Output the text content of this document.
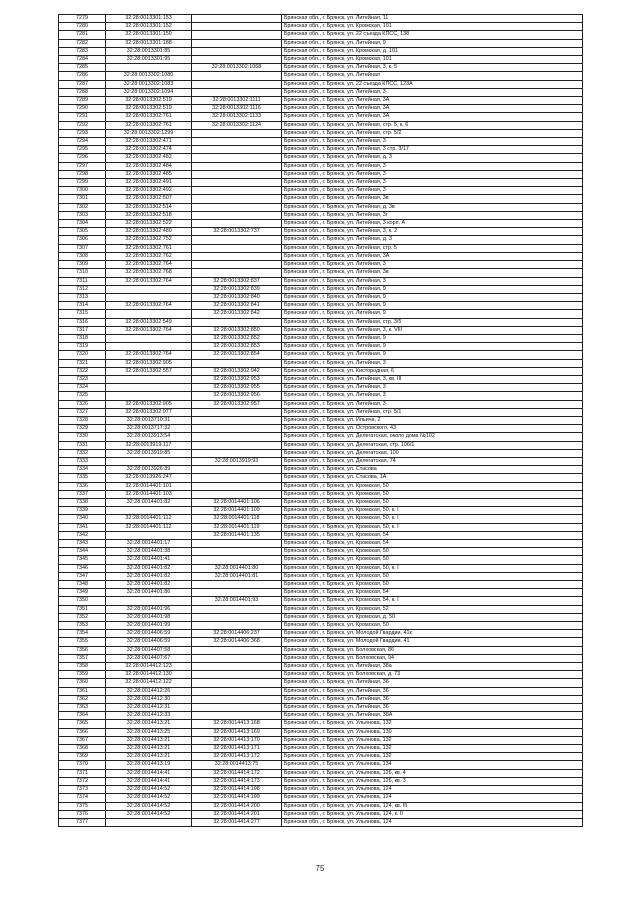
7279	32:28:0013301:153		Брянская обл., г. Брянск, ул. Литейная, 11
7280	32:28:0013301:152		Брянская обл., г. Брянск, ул. Кромская, 101
7281	32:28:0013301:150		Брянская обл., г. Брянск, ул. 22 съезда КПСС, 138
7282	32:28:0013301:188		Брянская обл., г. Брянск, ул. Литейная, 9
7283	32:28:0013301:85		Брянская обл., г. Брянск, ул. Кромская, д. 101
7284	32:28:0013301:95		Брянская обл., г. Брянск, ул. Кромская, 101
7285		32:28:0013302:1068	Брянская обл., г. Брянск, ул. Литейная, 3, к. 5
7286	32:28:0013302:1080		Брянская обл., г. Брянск, ул. Литейная
7287	32:28:0013302:1083		Брянская обл., г. Брянск, ул. 22 съезда КПСС, 123А
7288	32:28:0013302:1094		Брянская обл., г. Брянск, ул. Литейная, 3
7289	32:28:0013302:519	32:28:0013302:1111	Брянская обл., г. Брянск, ул. Литейная, 3А
7290	32:28:0013302:519	32:28:0013302:1116	Брянская обл., г. Брянск, ул. Литейная, 3А
7291	32:28:0013302:761	32:28:0013302:1133	Брянская обл., г. Брянск, ул. Литейная, 3А
7292	32:28:0013302:761	32:28:0013302:1124	Брянская обл., г. Брянск, ул. Литейная, стр. 5, к. 6
7293	32:28:0013302:1299		Брянская обл., г. Брянск, ул. Литейная, стр. 5/2
7294	32:28:0013302:471		Брянская обл., г. Брянск, ул. Литейная, 3
7295	32:28:0013302:474		Брянская обл., г. Брянск, ул. Литейная, 3 стр. 3/17
7296	32:28:0013302:482		Брянская обл., г. Брянск, ул. Литейная, д. 3
7297	32:28:0013302:484		Брянская обл., г. Брянск, ул. Литейная, 3
7298	32:28:0013302:485		Брянская обл., г. Брянск, ул. Литейная, 3
7299	32:28:0013302:491		Брянская обл., г. Брянск, ул. Литейная, 3
7300	32:28:0013302:492		Брянская обл., г. Брянск, ул. Литейная, 3
7301	32:28:0013302:507		Брянская обл., г. Брянск, ул. Литейная, 3в
7302	32:28:0013302:514		Брянская обл., г. Брянск, ул. Литейная, д. 3в
7303	32:28:0013302:518		Брянская обл., г. Брянск, ул. Литейная, 3г
7304	32:28:0013302:522		Брянская обл., г. Брянск, ул. Литейная, 3 корп. А
7305	32:28:0013302:480	32:28:0013302:737	Брянская обл., г. Брянск, ул. Литейная, 3, к. 2
7306	32:28:0013302:752		Брянская обл., г. Брянск, ул. Литейная, д. 3
7307	32:28:0013302:761		Брянская обл., г. Брянск, ул. Литейная, стр. 5
7308	32:28:0013302:762		Брянская обл., г. Брянск, ул. Литейная, 3А
7309	32:28:0013302:764		Брянская обл., г. Брянск, ул. Литейная, 3
7310	32:28:0013302:768		Брянская обл., г. Брянск, ул. Литейная, 3в
7311	32:28:0013302:764	32:28:0013302:837	Брянская обл., г. Брянск, ул. Литейная, 3
7312		32:28:0013302:839	Брянская обл., г. Брянск, ул. Литейная, 9
7313		32:28:0013302:840	Брянская обл., г. Брянск, ул. Литейная, 9
7314	32:28:0013302:764	32:28:0013302:841	Брянская обл., г. Брянск, ул. Литейная, 9
7315		32:28:0013302:842	Брянская обл., г. Брянск, ул. Литейная, 9
7316	32:28:0013302:549		Брянская обл., г. Брянск, ул. Литейная, стр. 3/5
7317	32:28:0013302:764	32:28:0013302:850	Брянская обл., г. Брянск, ул. Литейная, 3, к. VIII
7318		32:28:0013302:852	Брянская обл., г. Брянск, ул. Литейная, 9
7319		32:28:0013302:853	Брянская обл., г. Брянск, ул. Литейная, 9
7320	32:28:0013302:764	32:28:0013302:854	Брянская обл., г. Брянск, ул. Литейная, 9
7321	32:28:0013302:905		Брянская обл., г. Брянск, ул. Литейная, 3
7322	32:28:0013302:557	32:28:0013302:942	Брянская обл., г. Брянск, ул. Кистородная, 6
7323		32:28:0013302:953	Брянская обл., г. Брянск, ул. Литейная, 3, кв. III
7324		32:28:0013302:955	Брянская обл., г. Брянск, ул. Литейная, 3
7325		32:28:0013302:956	Брянская обл., г. Брянск, ул. Литейная, 3
7326	32:28:0013302:905	32:28:0013302:957	Брянская обл., г. Брянск, ул. Литейная, 3
7327	32:28:0013302:977		Брянская обл., г. Брянск, ул. Литейная, стр. 5/1
7328	32:28:0013710:31		Брянская обл., г. Брянск, ул. Ильича, 2
7329	32:28:0013717:32		Брянская обл., г. Брянск, ул. Островского, 43
7330	32:28:0013913:54		Брянская обл., г. Брянск, ул. Делегатская, около дома №102
7331	32:28:0013919:117		Брянская обл., г. Брянск, ул. Делегатская, стр. 106/1
7332	32:28:0013919:85		Брянская обл., г. Брянск, ул. Делегатская, 100
7333		32:28:0013919:93	Брянская обл., г. Брянск, ул. Делегатская, 74
7334	32:28:0013926:39		Брянская обл., г. Брянск, ул. Стасова
7335	32:28:0013926:247		Брянская обл., г. Брянск, ул. Стасова, 1А
7336	32:28:0014401:101		Брянская обл., г. Брянск, ул. Кромская, 50
7337	32:28:0014401:103		Брянская обл., г. Брянск, ул. Кромская, 50
7338	32:28:0014401:82	32:28:0014401:106	Брянская обл., г. Брянск, ул. Кромская, 50
7339		32:28:0014401:109	Брянская обл., г. Брянск, ул. Кромская, 50, к. I
7340	32:28:0014401:112	32:28:0014401:118	Брянская обл., г. Брянск, ул. Кромская, 50, к. I
7341	32:28:0014401:112	32:28:0014401:119	Брянская обл., г. Брянск, ул. Кромская, 50, к. I
7342		32:28:0014401:135	Брянская обл., г. Брянск, ул. Кромская, 54
7343	32:28:0014401:17		Брянская обл., г. Брянск, ул. Кромская, 54
7344	32:28:0014401:38		Брянская обл., г. Брянск, ул. Кромская, 50
7345	32:28:0014401:41		Брянская обл., г. Брянск, ул. Кромская, 50
7346	32:28:0014401:82	32:28:0014401:80	Брянская обл., г. Брянск, ул. Кромская, 50, к. I
7347	32:28:0014401:82	32:28:0014401:81	Брянская обл., г. Брянск, ул. Кромская, 50
7348	32:28:0014401:82		Брянская обл., г. Брянск, ул. Кромская, 50
7349	32:28:0014401:86		Брянская обл., г. Брянск, ул. Кромская, 54
7350		32:28:0014401:93	Брянская обл., г. Брянск, ул. Кромская, 54, к. I
7351	32:28:0014401:96		Брянская обл., г. Брянск, ул. Кромская, 52
7352	32:28:0014401:98		Брянская обл., г. Брянск, ул. Кромская, д. 50
7353	32:28:0014401:99		Брянская обл., г. Брянск, ул. Кромская, 50
7354	32:28:0014406:59	32:28:0014406:237	Брянская обл., г. Брянск, ул. Молодой Гвардии, 41к
7355	32:28:0014406:59	32:28:0014406:368	Брянская обл., г. Брянск, ул. Молодой Гвардии, 41
7356	32:28:0014407:58		Брянская обл., г. Брянск, ул. Болховская, 86
7357	32:28:0014407:67		Брянская обл., г. Брянск, ул. Болховская, 94
7358	32:28:0014412:123		Брянская обл., г. Брянск, ул. Литейная, 38а
7359	32:28:0014412:130		Брянская обл., г. Брянск, ул. Болховская, д. 73
7360	32:28:0014412:122		Брянская обл., г. Брянск, ул. Литейная, 36
7361	32:28:0014412:26		Брянская обл., г. Брянск, ул. Литейная, 36
7362	32:28:0014412:30		Брянская обл., г. Брянск, ул. Литейная, 36
7363	32:28:0014412:31		Брянская обл., г. Брянск, ул. Литейная, 36
7364	32:28:0014412:33		Брянская обл., г. Брянск, ул. Литейная, 38А
7365	32:28:0014413:21	32:28:0014413:168	Брянская обл., г. Брянск, ул. Ульянова, 132
7366	32:28:0014413:25	32:28:0014413:169	Брянская обл., г. Брянск, ул. Ульянова, 130
7367	32:28:0014413:21	32:28:0014413:170	Брянская обл., г. Брянск, ул. Ульянова, 132
7368	32:28:0014413:21	32:28:0014413:171	Брянская обл., г. Брянск, ул. Ульянова, 132
7369	32:28:0014413:21	32:28:0014413:172	Брянская обл., г. Брянск, ул. Ульянова, 132
7370	32:28:0014413:19	32:28:0014413:75	Брянская обл., г. Брянск, ул. Ульянова, 134
7371	32:28:0014414:41	32:28:0014414:172	Брянская обл., г. Брянск, ул. Ульянова, 126, кв. 4
7372	32:28:0014414:41	32:28:0014414:173	Брянская обл., г. Брянск, ул. Ульянова, 126, кв. 3
7373	32:28:0014414:52	32:28:0014414:198	Брянская обл., г. Брянск, ул. Ульянова, 124
7374	32:28:0014414:52	32:28:0014414:199	Брянская обл., г. Брянск, ул. Ульянова, 124
7375	32:28:0014414:52	32:28:0014414:200	Брянская обл., г. Брянск, ул. Ульянова, 124, кв. III
7376	32:28:0014414:52	32:28:0014414:201	Брянская обл., г. Брянск, ул. Ульянова, 124, к. II
7377		32:28:0014414:277	Брянская обл., г. Брянск, ул. Ульянова, 124
75
